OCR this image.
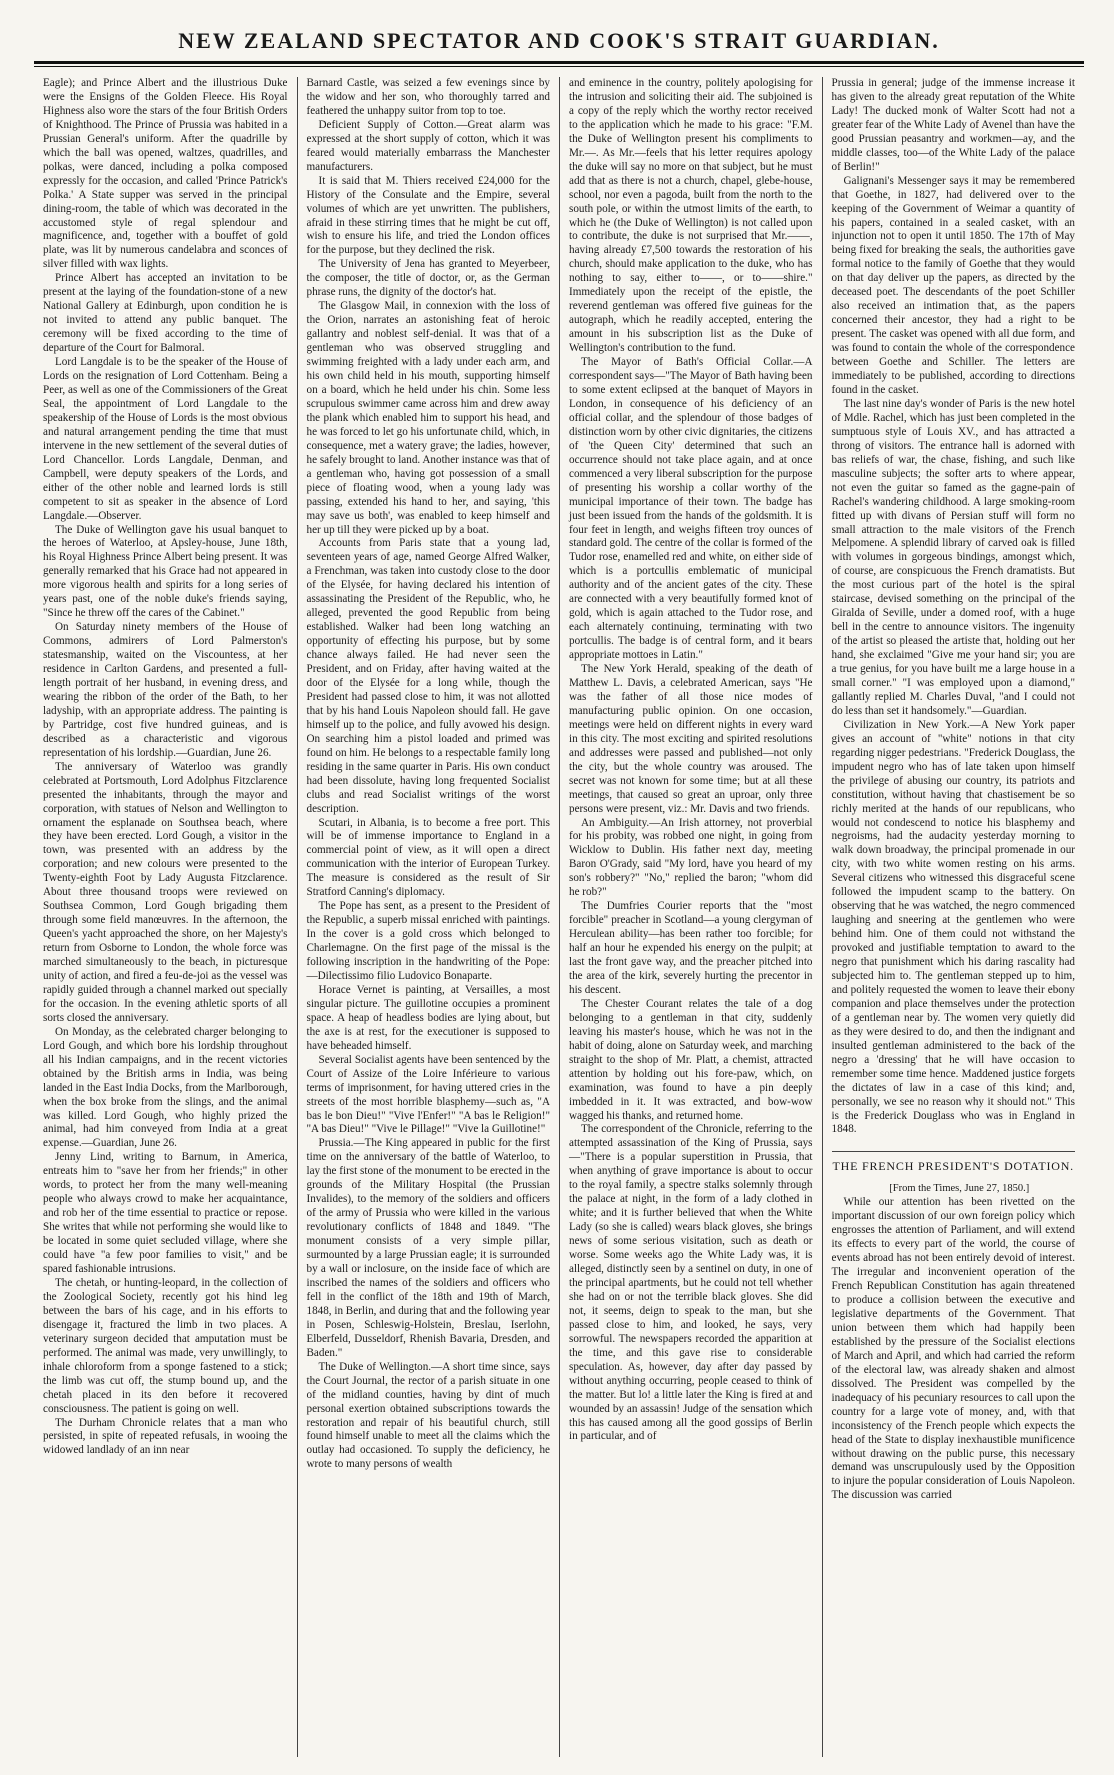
NEW ZEALAND SPECTATOR AND COOK'S STRAIT GUARDIAN.

Eagle); and Prince Albert and the illustrious Duke were the Ensigns of the Golden Fleece. His Royal Highness also wore the stars of the four British Orders of Knighthood. The Prince of Prussia was habited in a Prussian General's uniform. After the quadrille by which the ball was opened, waltzes, quadrilles, and polkas, were danced, including a polka composed expressly for the occasion, and called 'Prince Patrick's Polka.' A State supper was served in the principal dining-room, the table of which was decorated in the accustomed style of regal splendour and magnificence, and, together with a bouffet of gold plate, was lit by numerous candelabra and sconces of silver filled with wax lights.

Prince Albert has accepted an invitation to be present at the laying of the foundation-stone of a new National Gallery at Edinburgh, upon condition he is not invited to attend any public banquet. The ceremony will be fixed according to the time of departure of the Court for Balmoral.

Lord Langdale is to be the speaker of the House of Lords on the resignation of Lord Cottenham. Being a Peer, as well as one of the Commissioners of the Great Seal, the appointment of Lord Langdale to the speakership of the House of Lords is the most obvious and natural arrangement pending the time that must intervene in the new settlement of the several duties of Lord Chancellor. Lords Langdale, Denman, and Campbell, were deputy speakers of the Lords, and either of the other noble and learned lords is still competent to sit as speaker in the absence of Lord Langdale.—Observer.

The Duke of Wellington gave his usual banquet to the heroes of Waterloo, at Apsley-house, June 18th, his Royal Highness Prince Albert being present. It was generally remarked that his Grace had not appeared in more vigorous health and spirits for a long series of years past, one of the noble duke's friends saying, "Since he threw off the cares of the Cabinet."

On Saturday ninety members of the House of Commons, admirers of Lord Palmerston's statesmanship, waited on the Viscountess, at her residence in Carlton Gardens, and presented a full-length portrait of her husband, in evening dress, and wearing the ribbon of the order of the Bath, to her ladyship, with an appropriate address. The painting is by Partridge, cost five hundred guineas, and is described as a characteristic and vigorous representation of his lordship.—Guardian, June 26.

The anniversary of Waterloo was grandly celebrated at Portsmouth, Lord Adolphus Fitzclarence presented the inhabitants, through the mayor and corporation, with statues of Nelson and Wellington to ornament the esplanade on Southsea beach, where they have been erected. Lord Gough, a visitor in the town, was presented with an address by the corporation; and new colours were presented to the Twenty-eighth Foot by Lady Augusta Fitzclarence. About three thousand troops were reviewed on Southsea Common, Lord Gough brigading them through some field manœuvres. In the afternoon, the Queen's yacht approached the shore, on her Majesty's return from Osborne to London, the whole force was marched simultaneously to the beach, in picturesque unity of action, and fired a feu-de-joi as the vessel was rapidly guided through a channel marked out specially for the occasion. In the evening athletic sports of all sorts closed the anniversary.

On Monday, as the celebrated charger belonging to Lord Gough, and which bore his lordship throughout all his Indian campaigns, and in the recent victories obtained by the British arms in India, was being landed in the East India Docks, from the Marlborough, when the box broke from the slings, and the animal was killed. Lord Gough, who highly prized the animal, had him conveyed from India at a great expense.—Guardian, June 26.

Jenny Lind, writing to Barnum, in America, entreats him to "save her from her friends;" in other words, to protect her from the many well-meaning people who always crowd to make her acquaintance, and rob her of the time essential to practice or repose. She writes that while not performing she would like to be located in some quiet secluded village, where she could have "a few poor families to visit," and be spared fashionable intrusions.

The chetah, or hunting-leopard, in the collection of the Zoological Society, recently got his hind leg between the bars of his cage, and in his efforts to disengage it, fractured the limb in two places. A veterinary surgeon decided that amputation must be performed. The animal was made, very unwillingly, to inhale chloroform from a sponge fastened to a stick; the limb was cut off, the stump bound up, and the chetah placed in its den before it recovered consciousness. The patient is going on well.

The Durham Chronicle relates that a man who persisted, in spite of repeated refusals, in wooing the widowed landlady of an inn near

Barnard Castle, was seized a few evenings since by the widow and her son, who thoroughly tarred and feathered the unhappy suitor from top to toe.

Deficient Supply of Cotton.—Great alarm was expressed at the short supply of cotton, which it was feared would materially embarrass the Manchester manufacturers.

It is said that M. Thiers received £24,000 for the History of the Consulate and the Empire, several volumes of which are yet unwritten. The publishers, afraid in these stirring times that he might be cut off, wish to ensure his life, and tried the London offices for the purpose, but they declined the risk.

The University of Jena has granted to Meyerbeer, the composer, the title of doctor, or, as the German phrase runs, the dignity of the doctor's hat.

The Glasgow Mail, in connexion with the loss of the Orion, narrates an astonishing feat of heroic gallantry and noblest self-denial. It was that of a gentleman who was observed struggling and swimming freighted with a lady under each arm, and his own child held in his mouth, supporting himself on a board, which he held under his chin. Some less scrupulous swimmer came across him and drew away the plank which enabled him to support his head, and he was forced to let go his unfortunate child, which, in consequence, met a watery grave; the ladies, however, he safely brought to land. Another instance was that of a gentleman who, having got possession of a small piece of floating wood, when a young lady was passing, extended his hand to her, and saying, 'this may save us both', was enabled to keep himself and her up till they were picked up by a boat.

Accounts from Paris state that a young lad, seventeen years of age, named George Alfred Walker, a Frenchman, was taken into custody close to the door of the Elysée, for having declared his intention of assassinating the President of the Republic, who, he alleged, prevented the good Republic from being established. Walker had been long watching an opportunity of effecting his purpose, but by some chance always failed. He had never seen the President, and on Friday, after having waited at the door of the Elysée for a long while, though the President had passed close to him, it was not allotted that by his hand Louis Napoleon should fall. He gave himself up to the police, and fully avowed his design. On searching him a pistol loaded and primed was found on him. He belongs to a respectable family long residing in the same quarter in Paris. His own conduct had been dissolute, having long frequented Socialist clubs and read Socialist writings of the worst description.

Scutari, in Albania, is to become a free port. This will be of immense importance to England in a commercial point of view, as it will open a direct communication with the interior of European Turkey. The measure is considered as the result of Sir Stratford Canning's diplomacy.

The Pope has sent, as a present to the President of the Republic, a superb missal enriched with paintings. In the cover is a gold cross which belonged to Charlemagne. On the first page of the missal is the following inscription in the handwriting of the Pope:—Dilectissimo filio Ludovico Bonaparte.

Horace Vernet is painting, at Versailles, a most singular picture. The guillotine occupies a prominent space. A heap of headless bodies are lying about, but the axe is at rest, for the executioner is supposed to have beheaded himself.

Several Socialist agents have been sentenced by the Court of Assize of the Loire Inférieure to various terms of imprisonment, for having uttered cries in the streets of the most horrible blasphemy—such as, "A bas le bon Dieu!" "Vive l'Enfer!" "A bas le Religion!" "A bas Dieu!" "Vive le Pillage!" "Vive la Guillotine!"

Prussia.—The King appeared in public for the first time on the anniversary of the battle of Waterloo, to lay the first stone of the monument to be erected in the grounds of the Military Hospital (the Prussian Invalides), to the memory of the soldiers and officers of the army of Prussia who were killed in the various revolutionary conflicts of 1848 and 1849. "The monument consists of a very simple pillar, surmounted by a large Prussian eagle; it is surrounded by a wall or inclosure, on the inside face of which are inscribed the names of the soldiers and officers who fell in the conflict of the 18th and 19th of March, 1848, in Berlin, and during that and the following year in Posen, Schleswig-Holstein, Breslau, Iserlohn, Elberfeld, Dusseldorf, Rhenish Bavaria, Dresden, and Baden."

The Duke of Wellington.—A short time since, says the Court Journal, the rector of a parish situate in one of the midland counties, having by dint of much personal exertion obtained subscriptions towards the restoration and repair of his beautiful church, still found himself unable to meet all the claims which the outlay had occasioned. To supply the deficiency, he wrote to many persons of wealth

and eminence in the country, politely apologising for the intrusion and soliciting their aid. The subjoined is a copy of the reply which the worthy rector received to the application which he made to his grace: "F.M. the Duke of Wellington present his compliments to Mr.—. As Mr.—feels that his letter requires apology the duke will say no more on that subject, but he must add that as there is not a church, chapel, glebe-house, school, nor even a pagoda, built from the north to the south pole, or within the utmost limits of the earth, to which he (the Duke of Wellington) is not called upon to contribute, the duke is not surprised that Mr.——, having already £7,500 towards the restoration of his church, should make application to the duke, who has nothing to say, either to——, or to——shire." Immediately upon the receipt of the epistle, the reverend gentleman was offered five guineas for the autograph, which he readily accepted, entering the amount in his subscription list as the Duke of Wellington's contribution to the fund.

The Mayor of Bath's Official Collar.—A correspondent says—"The Mayor of Bath having been to some extent eclipsed at the banquet of Mayors in London, in consequence of his deficiency of an official collar, and the splendour of those badges of distinction worn by other civic dignitaries, the citizens of 'the Queen City' determined that such an occurrence should not take place again, and at once commenced a very liberal subscription for the purpose of presenting his worship a collar worthy of the municipal importance of their town. The badge has just been issued from the hands of the goldsmith. It is four feet in length, and weighs fifteen troy ounces of standard gold. The centre of the collar is formed of the Tudor rose, enamelled red and white, on either side of which is a portcullis emblematic of municipal authority and of the ancient gates of the city. These are connected with a very beautifully formed knot of gold, which is again attached to the Tudor rose, and each alternately continuing, terminating with two portcullis. The badge is of central form, and it bears appropriate mottoes in Latin."

The New York Herald, speaking of the death of Matthew L. Davis, a celebrated American, says "He was the father of all those nice modes of manufacturing public opinion. On one occasion, meetings were held on different nights in every ward in this city. The most exciting and spirited resolutions and addresses were passed and published—not only the city, but the whole country was aroused. The secret was not known for some time; but at all these meetings, that caused so great an uproar, only three persons were present, viz.: Mr. Davis and two friends.

An Ambiguity.—An Irish attorney, not proverbial for his probity, was robbed one night, in going from Wicklow to Dublin. His father next day, meeting Baron O'Grady, said "My lord, have you heard of my son's robbery?" "No," replied the baron; "whom did he rob?"

The Dumfries Courier reports that the "most forcible" preacher in Scotland—a young clergyman of Herculean ability—has been rather too forcible; for half an hour he expended his energy on the pulpit; at last the front gave way, and the preacher pitched into the area of the kirk, severely hurting the precentor in his descent.

The Chester Courant relates the tale of a dog belonging to a gentleman in that city, suddenly leaving his master's house, which he was not in the habit of doing, alone on Saturday week, and marching straight to the shop of Mr. Platt, a chemist, attracted attention by holding out his fore-paw, which, on examination, was found to have a pin deeply imbedded in it. It was extracted, and bow-wow wagged his thanks, and returned home.

The correspondent of the Chronicle, referring to the attempted assassination of the King of Prussia, says—"There is a popular superstition in Prussia, that when anything of grave importance is about to occur to the royal family, a spectre stalks solemnly through the palace at night, in the form of a lady clothed in white; and it is further believed that when the White Lady (so she is called) wears black gloves, she brings news of some serious visitation, such as death or worse. Some weeks ago the White Lady was, it is alleged, distinctly seen by a sentinel on duty, in one of the principal apartments, but he could not tell whether she had on or not the terrible black gloves. She did not, it seems, deign to speak to the man, but she passed close to him, and looked, he says, very sorrowful. The newspapers recorded the apparition at the time, and this gave rise to considerable speculation. As, however, day after day passed by without anything occurring, people ceased to think of the matter. But lo! a little later the King is fired at and wounded by an assassin! Judge of the sensation which this has caused among all the good gossips of Berlin in particular, and of

Prussia in general; judge of the immense increase it has given to the already great reputation of the White Lady! The ducked monk of Walter Scott had not a greater fear of the White Lady of Avenel than have the good Prussian peasantry and workmen—ay, and the middle classes, too—of the White Lady of the palace of Berlin!"

Galignani's Messenger says it may be remembered that Goethe, in 1827, had delivered over to the keeping of the Government of Weimar a quantity of his papers, contained in a sealed casket, with an injunction not to open it until 1850. The 17th of May being fixed for breaking the seals, the authorities gave formal notice to the family of Goethe that they would on that day deliver up the papers, as directed by the deceased poet. The descendants of the poet Schiller also received an intimation that, as the papers concerned their ancestor, they had a right to be present. The casket was opened with all due form, and was found to contain the whole of the correspondence between Goethe and Schiller. The letters are immediately to be published, according to directions found in the casket.

The last nine day's wonder of Paris is the new hotel of Mdle. Rachel, which has just been completed in the sumptuous style of Louis XV., and has attracted a throng of visitors. The entrance hall is adorned with bas reliefs of war, the chase, fishing, and such like masculine subjects; the softer arts to where appear, not even the guitar so famed as the gagne-pain of Rachel's wandering childhood. A large smoking-room fitted up with divans of Persian stuff will form no small attraction to the male visitors of the French Melpomene. A splendid library of carved oak is filled with volumes in gorgeous bindings, amongst which, of course, are conspicuous the French dramatists. But the most curious part of the hotel is the spiral staircase, devised something on the principal of the Giralda of Seville, under a domed roof, with a huge bell in the centre to announce visitors. The ingenuity of the artist so pleased the artiste that, holding out her hand, she exclaimed "Give me your hand sir; you are a true genius, for you have built me a large house in a small corner." "I was employed upon a diamond," gallantly replied M. Charles Duval, "and I could not do less than set it handsomely."—Guardian.

Civilization in New York.—A New York paper gives an account of "white" notions in that city regarding nigger pedestrians. "Frederick Douglass, the impudent negro who has of late taken upon himself the privilege of abusing our country, its patriots and constitution, without having that chastisement be so richly merited at the hands of our republicans, who would not condescend to notice his blasphemy and negroisms, had the audacity yesterday morning to walk down broadway, the principal promenade in our city, with two white women resting on his arms. Several citizens who witnessed this disgraceful scene followed the impudent scamp to the battery. On observing that he was watched, the negro commenced laughing and sneering at the gentlemen who were behind him. One of them could not withstand the provoked and justifiable temptation to award to the negro that punishment which his daring rascality had subjected him to. The gentleman stepped up to him, and politely requested the women to leave their ebony companion and place themselves under the protection of a gentleman near by. The women very quietly did as they were desired to do, and then the indignant and insulted gentleman administered to the back of the negro a 'dressing' that he will have occasion to remember some time hence. Maddened justice forgets the dictates of law in a case of this kind; and, personally, we see no reason why it should not." This is the Frederick Douglass who was in England in 1848.

THE FRENCH PRESIDENT'S DOTATION.

[From the Times, June 27, 1850.]

While our attention has been rivetted on the important discussion of our own foreign policy which engrosses the attention of Parliament, and will extend its effects to every part of the world, the course of events abroad has not been entirely devoid of interest. The irregular and inconvenient operation of the French Republican Constitution has again threatened to produce a collision between the executive and legislative departments of the Government. That union between them which had happily been established by the pressure of the Socialist elections of March and April, and which had carried the reform of the electoral law, was already shaken and almost dissolved. The President was compelled by the inadequacy of his pecuniary resources to call upon the country for a large vote of money, and, with that inconsistency of the French people which expects the head of the State to display inexhaustible munificence without drawing on the public purse, this necessary demand was unscrupulously used by the Opposition to injure the popular consideration of Louis Napoleon. The discussion was carried
